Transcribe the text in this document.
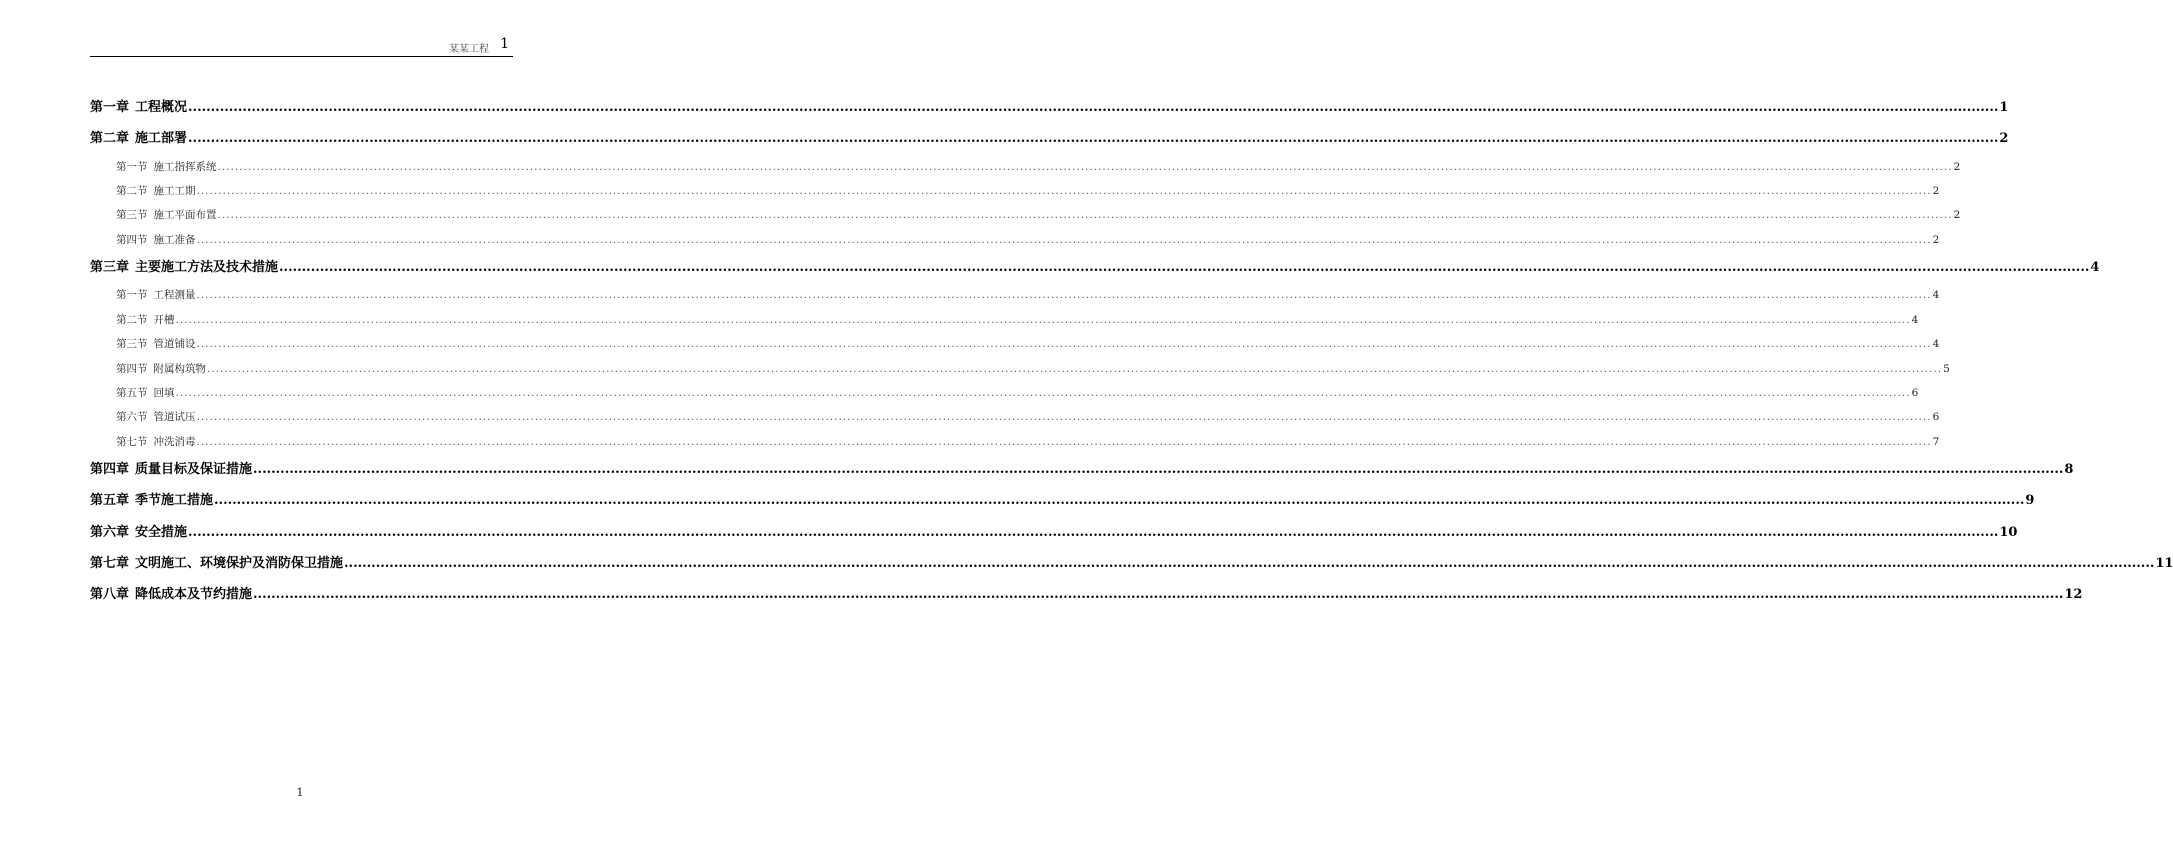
某某工程 1
第一章 工程概况 ................................................................................................................................................................................................................................................................................................................................................................................................................ 1
第二章 施工部署 ................................................................................................................................................................................................................................................................................................................................................................................................................ 2
第一节 施工指挥系统 ................................................................................................................................................................................................................................................................................................................................................................................................................ 2
第二节 施工工期 ................................................................................................................................................................................................................................................................................................................................................................................................................ 2
第三节 施工平面布置 ................................................................................................................................................................................................................................................................................................................................................................................................................ 2
第四节 施工准备 ................................................................................................................................................................................................................................................................................................................................................................................................................ 2
第三章 主要施工方法及技术措施 ................................................................................................................................................................................................................................................................................................................................................................................................................ 4
第一节 工程测量 ................................................................................................................................................................................................................................................................................................................................................................................................................ 4
第二节 开槽 ................................................................................................................................................................................................................................................................................................................................................................................................................ 4
第三节 管道铺设 ................................................................................................................................................................................................................................................................................................................................................................................................................ 4
第四节 附属构筑物 ................................................................................................................................................................................................................................................................................................................................................................................................................ 5
第五节 回填 ................................................................................................................................................................................................................................................................................................................................................................................................................ 6
第六节 管道试压 ................................................................................................................................................................................................................................................................................................................................................................................................................ 6
第七节 冲洗消毒 ................................................................................................................................................................................................................................................................................................................................................................................................................ 7
第四章 质量目标及保证措施 ................................................................................................................................................................................................................................................................................................................................................................................................................ 8
第五章 季节施工措施 ................................................................................................................................................................................................................................................................................................................................................................................................................ 9
第六章 安全措施 ................................................................................................................................................................................................................................................................................................................................................................................................................ 10
第七章 文明施工、环境保护及消防保卫措施 ................................................................................................................................................................................................................................................................................................................................................................................................................ 11
第八章 降低成本及节约措施 ................................................................................................................................................................................................................................................................................................................................................................................................................ 12
1
